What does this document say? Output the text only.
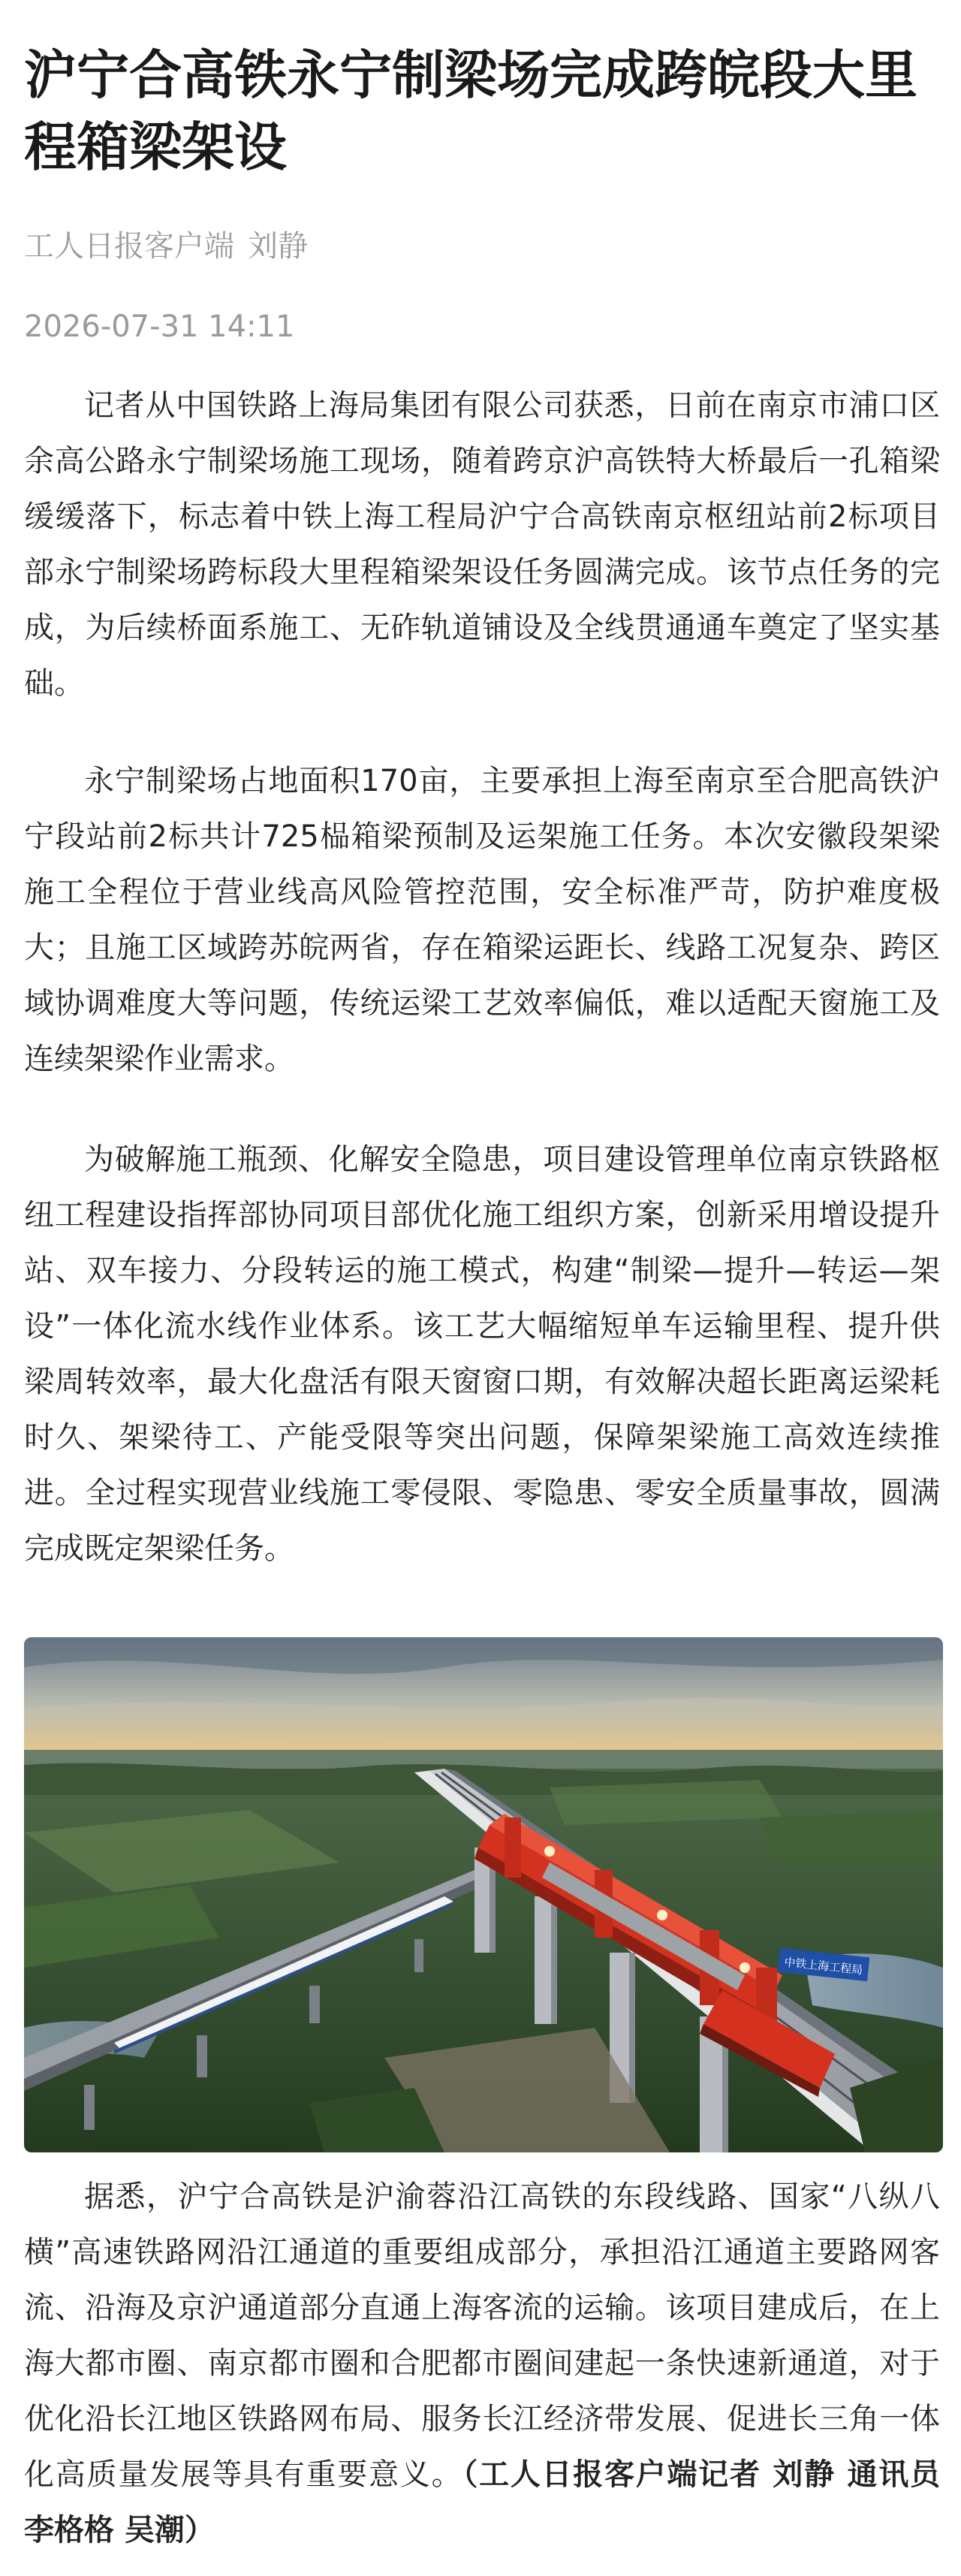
沪宁合高铁永宁制梁场完成跨皖段大里程箱梁架设
工人日报客户端 刘静
2026-07-31 14:11

记者从中国铁路上海局集团有限公司获悉，日前在南京市浦口区余高公路永宁制梁场施工现场，随着跨京沪高铁特大桥最后一孔箱梁缓缓落下，标志着中铁上海工程局沪宁合高铁南京枢纽站前2标项目部永宁制梁场跨标段大里程箱梁架设任务圆满完成。该节点任务的完成，为后续桥面系施工、无砟轨道铺设及全线贯通通车奠定了坚实基础。

永宁制梁场占地面积170亩，主要承担上海至南京至合肥高铁沪宁段站前2标共计725榀箱梁预制及运架施工任务。本次安徽段架梁施工全程位于营业线高风险管控范围，安全标准严苛，防护难度极大；且施工区域跨苏皖两省，存在箱梁运距长、线路工况复杂、跨区域协调难度大等问题，传统运梁工艺效率偏低，难以适配天窗施工及连续架梁作业需求。

为破解施工瓶颈、化解安全隐患，项目建设管理单位南京铁路枢纽工程建设指挥部协同项目部优化施工组织方案，创新采用增设提升站、双车接力、分段转运的施工模式，构建“制梁—提升—转运—架设”一体化流水线作业体系。该工艺大幅缩短单车运输里程、提升供梁周转效率，最大化盘活有限天窗窗口期，有效解决超长距离运梁耗时久、架梁待工、产能受限等突出问题，保障架梁施工高效连续推进。全过程实现营业线施工零侵限、零隐患、零安全质量事故，圆满完成既定架梁任务。

中铁上海工程局

据悉，沪宁合高铁是沪渝蓉沿江高铁的东段线路、国家“八纵八横”高速铁路网沿江通道的重要组成部分，承担沿江通道主要路网客流、沿海及京沪通道部分直通上海客流的运输。该项目建成后，在上海大都市圈、南京都市圈和合肥都市圈间建起一条快速新通道，对于优化沿长江地区铁路网布局、服务长江经济带发展、促进长三角一体化高质量发展等具有重要意义。（工人日报客户端记者 刘静 通讯员 李格格 吴潮）
